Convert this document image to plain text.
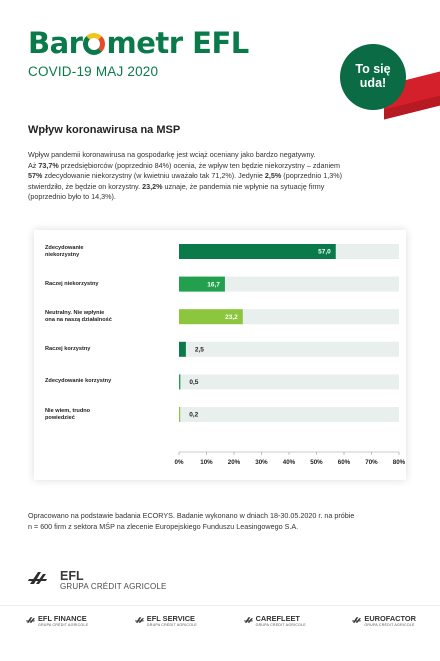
Bar metr EFL
COVID-19 MAJ 2020	To się
uda!
Wpływ koronawirusa na MSP
Wpływ pandemii koronawirusa na gospodarkę jest wciąż oceniany jako bardzo negatywny.
Aż 73,7% przedsiębiorców (poprzednio 84%) ocenia, że wpływ ten będzie niekorzystny – zdaniem
57% zdecydowanie niekorzystny (w kwietniu uważało tak 71,2%). Jedynie 2,5% (poprzednio 1,3%)
stwierdziło, że będzie on korzystny. 23,2% uznaje, że pandemia nie wpłynie na sytuację firmy
(poprzednio było to 14,3%).
57,0
16,7
23,2
2,5
0,5
0,2
0%	10% 20% 30% 40% 50% 60% 70% 80%
Zdecydowanie
niekorzystny
Raczej niekorzystny
Neutralny. Nie wpłynie
ona na naszą działalność
Raczej korzystny
Zdecydowanie korzystny
Nie wiem, trudno
powiedzieć
Opracowano na podstawie badania ECORYS. Badanie wykonano w dniach 18-30.05.2020 r. na próbie
n = 600 firm z sektora MŚP na zlecenie Europejskiego Funduszu Leasingowego S.A.
EFL
GRUPA CRÉDIT AGRICOLE
EFL FINANCE
GRUPA CRÉDIT AGRICOLE
EFL SERVICE
GRUPA CRÉDIT AGRICOLE
CAREFLEET
GRUPA CRÉDIT AGRICOLE
EUROFACTOR
GRUPA CRÉDIT AGRICOLE
